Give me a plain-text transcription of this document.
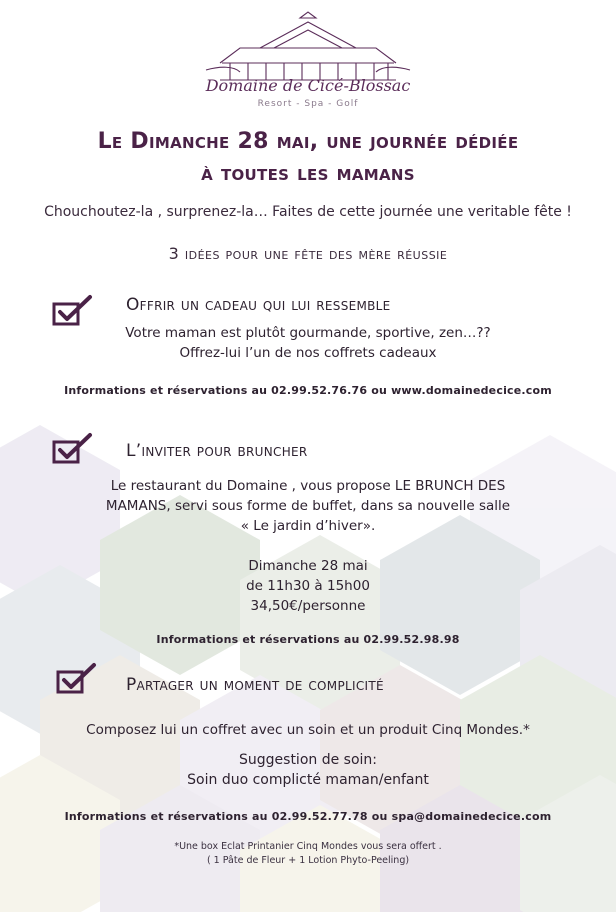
Domaine de Cicé-Blossac
Resort - Spa - Golf
Le Dimanche 28 mai, une journée dédiée
à toutes les mamans
Chouchoutez-la , surprenez-la… Faites de cette journée une veritable fête !
3 idées pour une fête des mère réussie
Offrir un cadeau qui lui ressemble
Votre maman est plutôt gourmande, sportive, zen…??
Offrez-lui l’un de nos coffrets cadeaux
Informations et réservations au 02.99.52.76.76 ou www.domainedecice.com
L’inviter pour bruncher
Le restaurant du Domaine , vous propose LE BRUNCH DES
MAMANS, servi sous forme de buffet, dans sa nouvelle salle
« Le jardin d’hiver».
Dimanche 28 mai
de 11h30 à 15h00
34,50€/personne
Informations et réservations au 02.99.52.98.98
Partager un moment de complicité
Composez lui un coffret avec un soin et un produit Cinq Mondes.*
Suggestion de soin:
Soin duo complicté maman/enfant
Informations et réservations au 02.99.52.77.78 ou spa@domainedecice.com
*Une box Eclat Printanier Cinq Mondes vous sera offert .
( 1 Pâte de Fleur + 1 Lotion Phyto-Peeling)
